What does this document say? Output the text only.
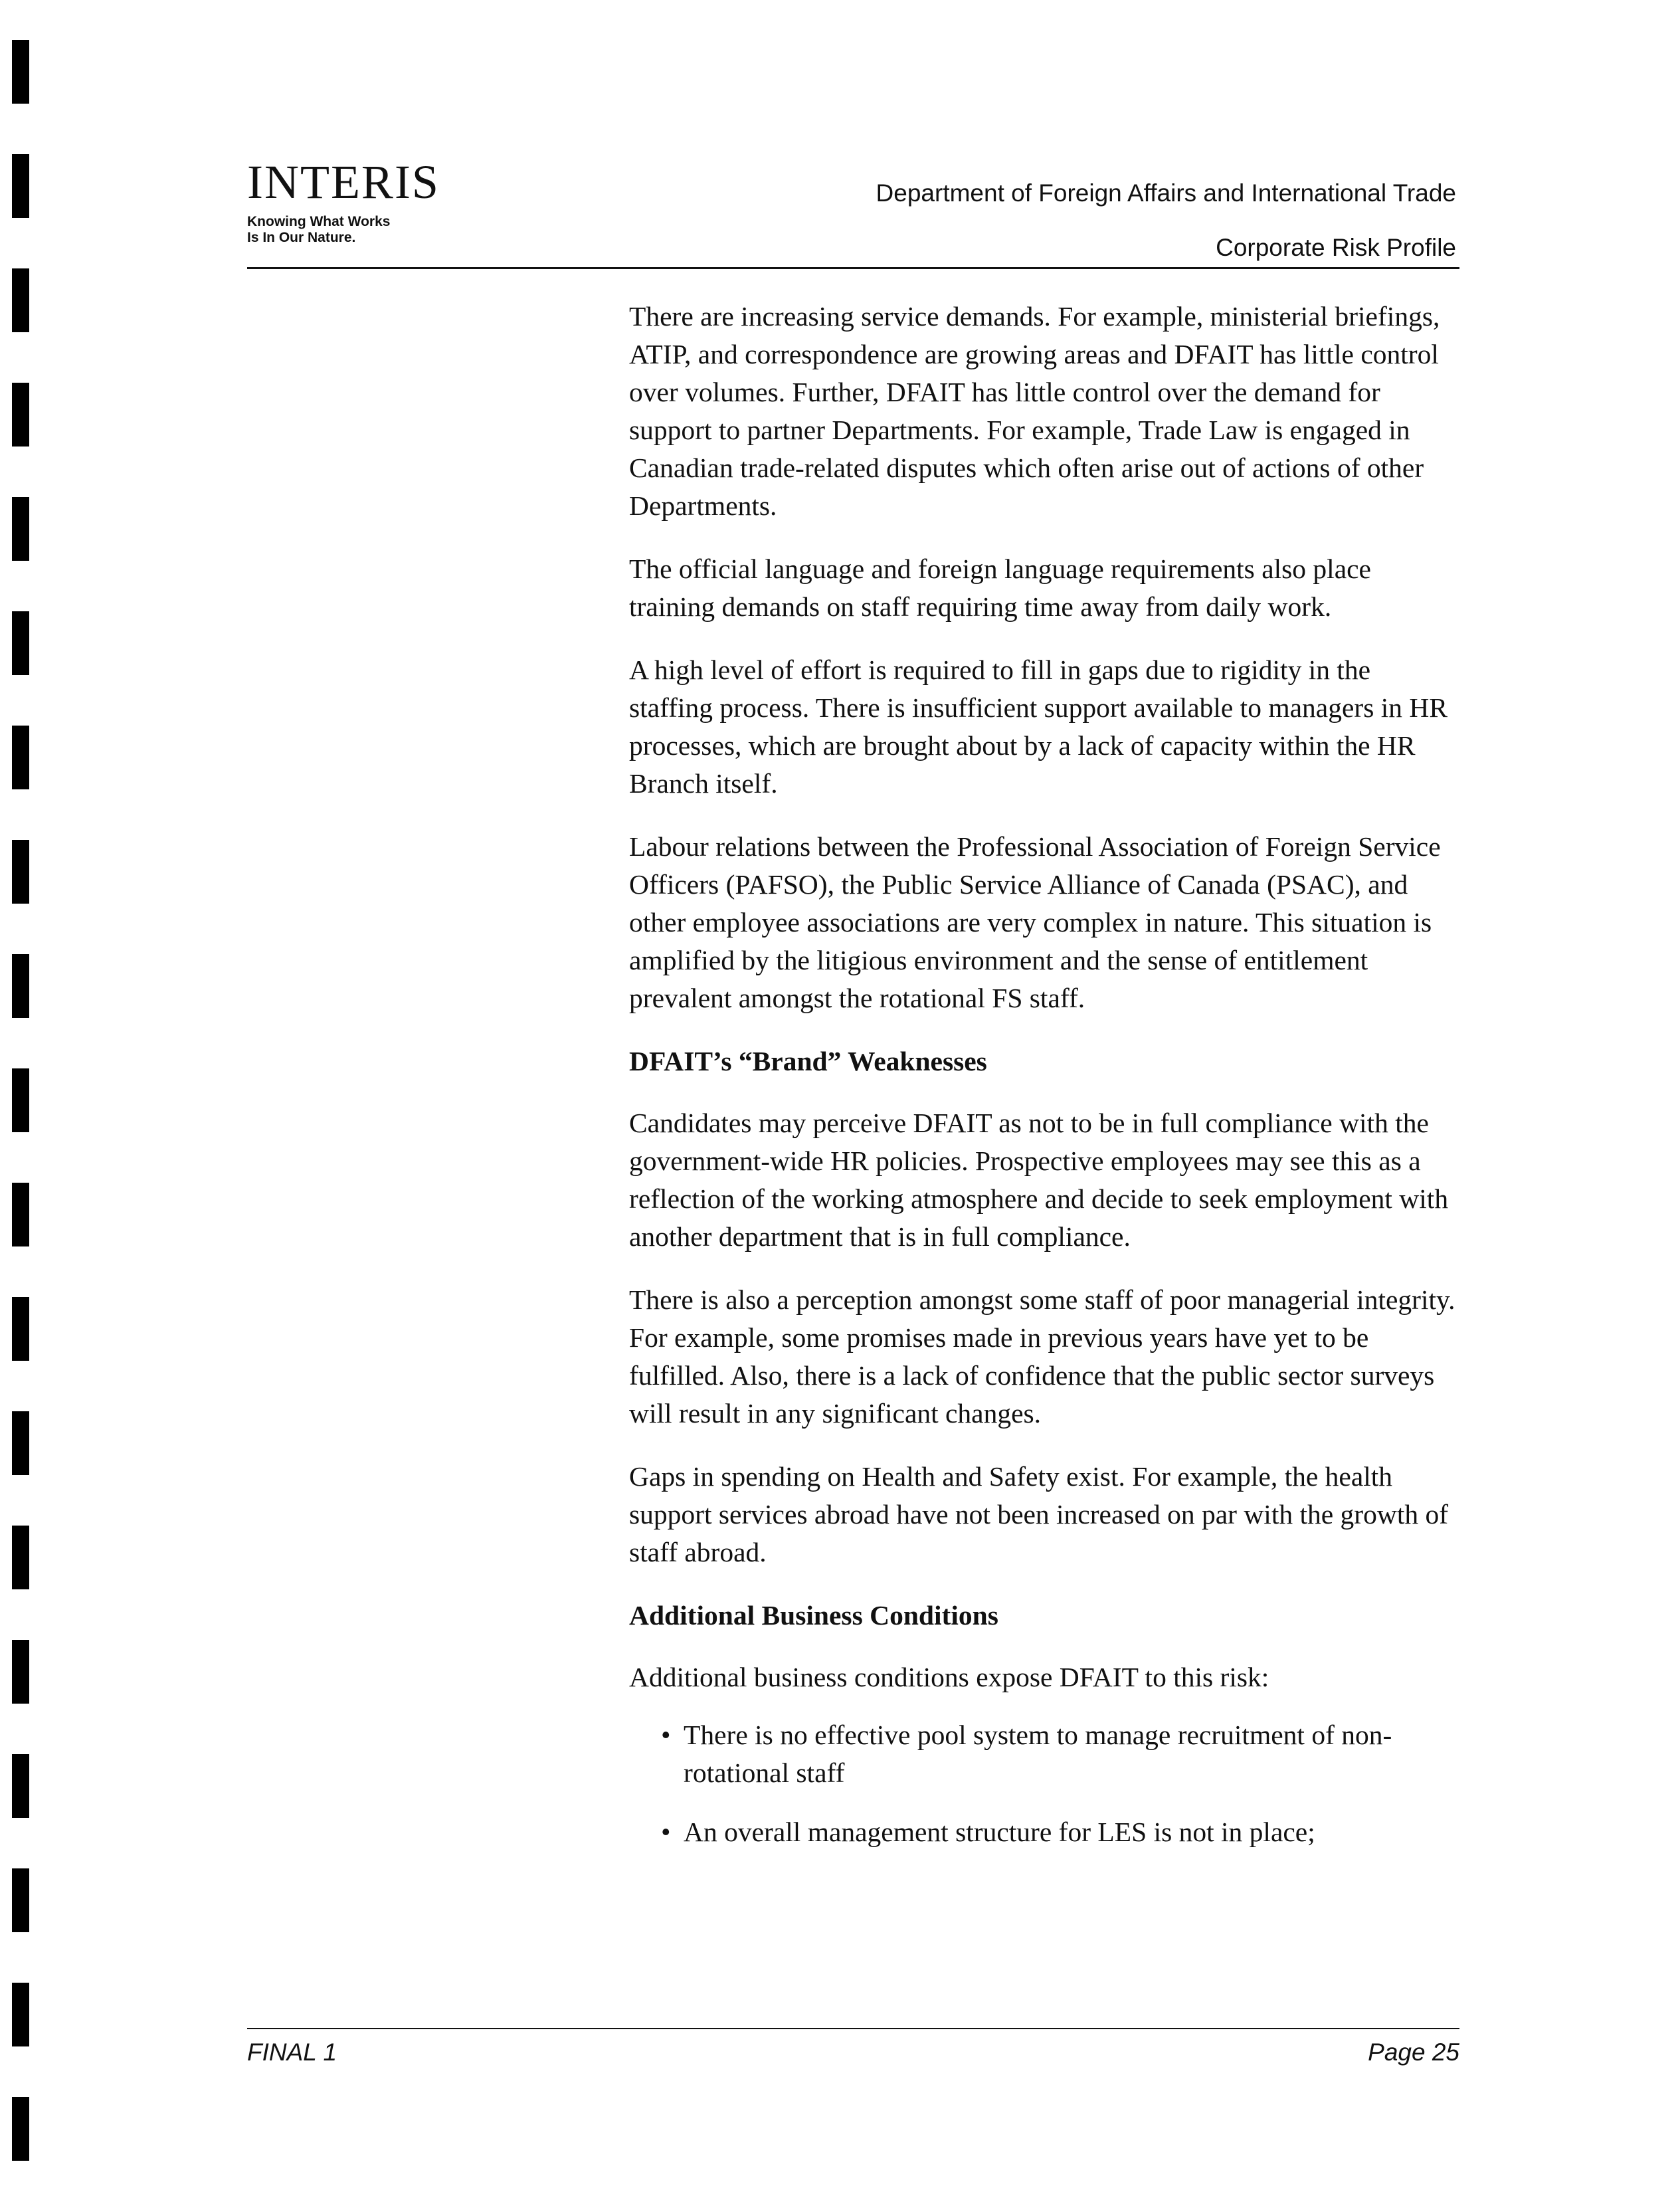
INTERIS
Knowing What Works
Is In Our Nature.
Department of Foreign Affairs and International Trade
Corporate Risk Profile

There are increasing service demands. For example, ministerial briefings, ATIP, and correspondence are growing areas and DFAIT has little control over volumes. Further, DFAIT has little control over the demand for support to partner Departments. For example, Trade Law is engaged in Canadian trade-related disputes which often arise out of actions of other Departments.

The official language and foreign language requirements also place training demands on staff requiring time away from daily work.

A high level of effort is required to fill in gaps due to rigidity in the staffing process. There is insufficient support available to managers in HR processes, which are brought about by a lack of capacity within the HR Branch itself.

Labour relations between the Professional Association of Foreign Service Officers (PAFSO), the Public Service Alliance of Canada (PSAC), and other employee associations are very complex in nature. This situation is amplified by the litigious environment and the sense of entitlement prevalent amongst the rotational FS staff.

DFAIT’s “Brand” Weaknesses

Candidates may perceive DFAIT as not to be in full compliance with the government-wide HR policies. Prospective employees may see this as a reflection of the working atmosphere and decide to seek employment with another department that is in full compliance.

There is also a perception amongst some staff of poor managerial integrity. For example, some promises made in previous years have yet to be fulfilled. Also, there is a lack of confidence that the public sector surveys will result in any significant changes.

Gaps in spending on Health and Safety exist. For example, the health support services abroad have not been increased on par with the growth of staff abroad.

Additional Business Conditions

Additional business conditions expose DFAIT to this risk:

• There is no effective pool system to manage recruitment of non-rotational staff
• An overall management structure for LES is not in place;
FINAL 1	Page 25
